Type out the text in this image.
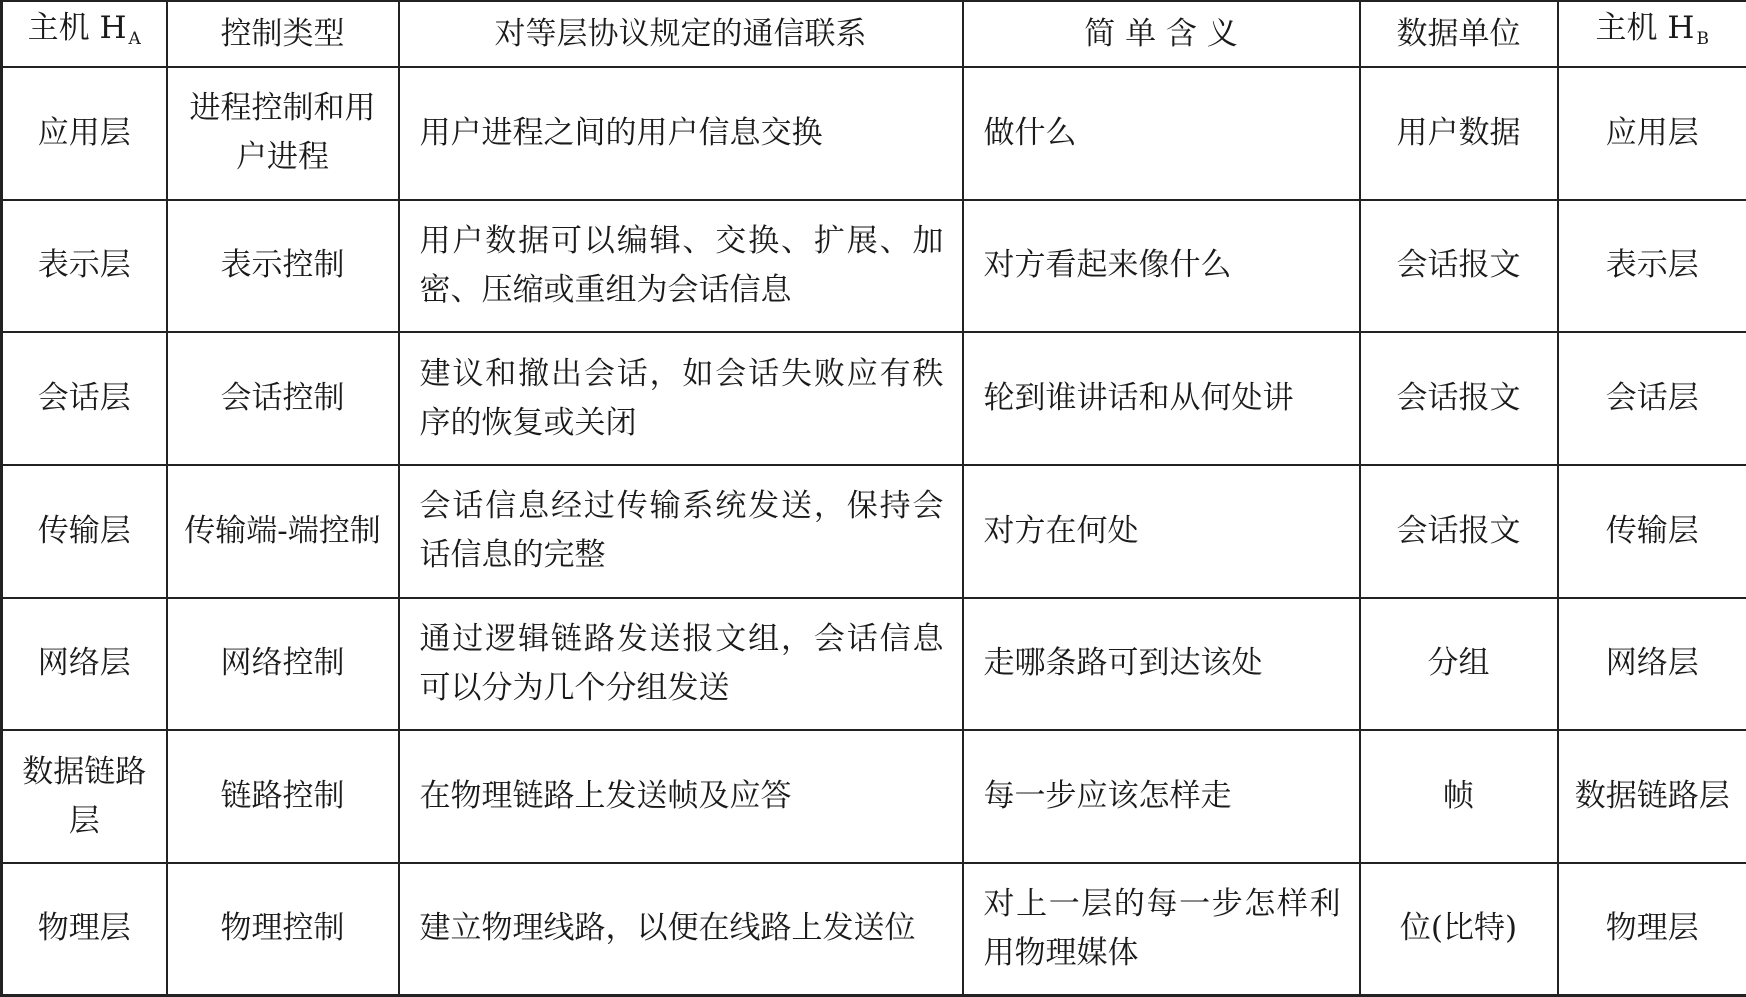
主机 H $_A$	控制类型	对等层协议规定的通信联系	简 单 含 义	数据单位	主机 H $_B$
应用层	进程控制和用户进程	用户进程之间的用户信息交换	做什么	用户数据	应用层
表示层	表示控制	用户数据可以编辑、交换、扩展、加密、压缩或重组为会话信息	对方看起来像什么	会话报文	表示层
会话层	会话控制	建议和撤出会话，如会话失败应有秩序的恢复或关闭	轮到谁讲话和从何处讲	会话报文	会话层
传输层	传输端-端控制	会话信息经过传输系统发送，保持会话信息的完整	对方在何处	会话报文	传输层
网络层	网络控制	通过逻辑链路发送报文组，会话信息可以分为几个分组发送	走哪条路可到达该处	分组	网络层
数据链路层	链路控制	在物理链路上发送帧及应答	每一步应该怎样走	帧	数据链路层
物理层	物理控制	建立物理线路，以便在线路上发送位	对上一层的每一步怎样利用物理媒体	位(比特)	物理层
